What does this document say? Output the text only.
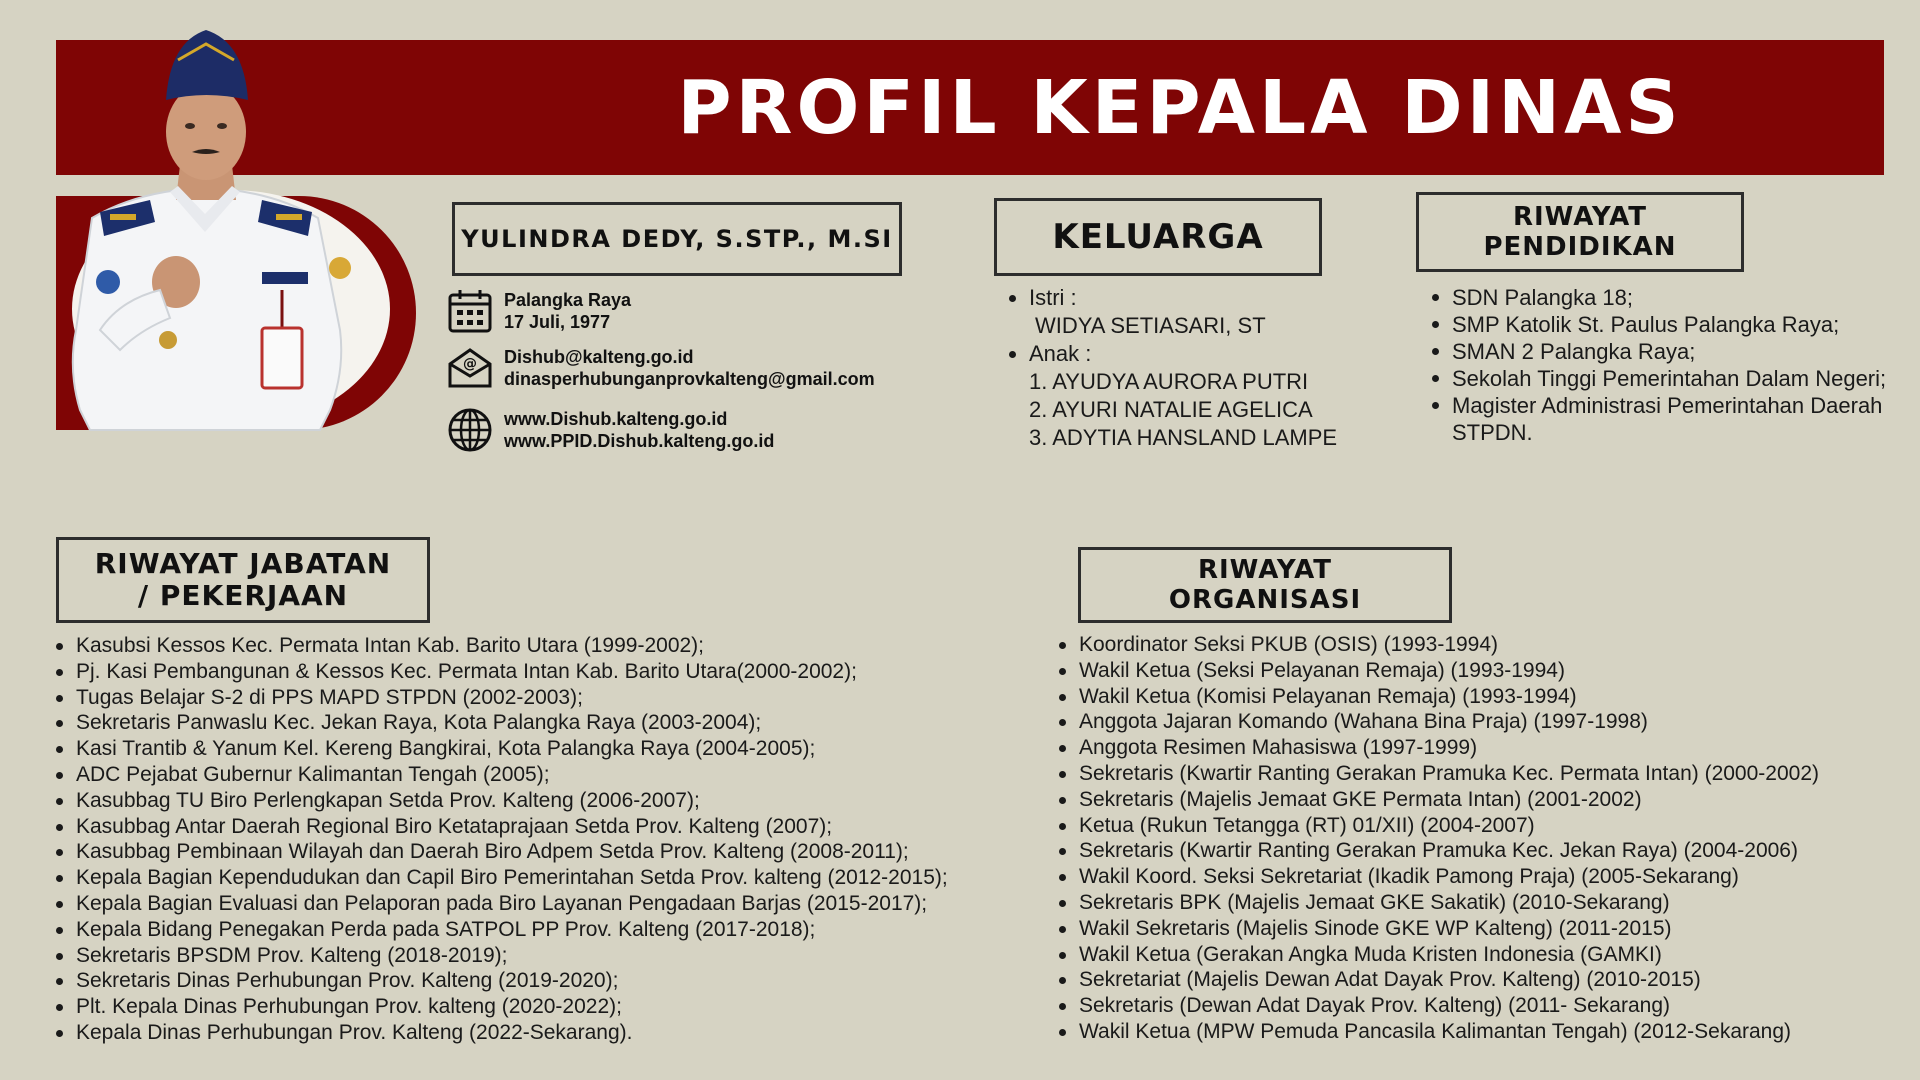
PROFIL KEPALA DINAS
YULINDRA DEDY, S.STP., M.SI
Palangka Raya
17 Juli, 1977
@ Dishub@kalteng.go.id
dinasperhubunganprovkalteng@gmail.com
www.Dishub.kalteng.go.id
www.PPID.Dishub.kalteng.go.id
KELUARGA
Istri :
WIDYA SETIASARI, ST
Anak :
1. AYUDYA AURORA PUTRI
2. AYURI NATALIE AGELICA
3. ADYTIA HANSLAND LAMPE
RIWAYAT
PENDIDIKAN
SDN Palangka 18;
SMP Katolik St. Paulus Palangka Raya;
SMAN 2 Palangka Raya;
Sekolah Tinggi Pemerintahan Dalam Negeri;
Magister Administrasi Pemerintahan Daerah STPDN.
RIWAYAT JABATAN
/ PEKERJAAN
Kasubsi Kessos Kec. Permata Intan Kab. Barito Utara (1999-2002);
Pj. Kasi Pembangunan & Kessos Kec. Permata Intan Kab. Barito Utara(2000-2002);
Tugas Belajar S-2 di PPS MAPD STPDN (2002-2003);
Sekretaris Panwaslu Kec. Jekan Raya, Kota Palangka Raya (2003-2004);
Kasi Trantib & Yanum Kel. Kereng Bangkirai, Kota Palangka Raya (2004-2005);
ADC Pejabat Gubernur Kalimantan Tengah (2005);
Kasubbag TU Biro Perlengkapan Setda Prov. Kalteng (2006-2007);
Kasubbag Antar Daerah Regional Biro Ketataprajaan Setda Prov. Kalteng (2007);
Kasubbag Pembinaan Wilayah dan Daerah Biro Adpem Setda Prov. Kalteng (2008-2011);
Kepala Bagian Kependudukan dan Capil Biro Pemerintahan Setda Prov. kalteng (2012-2015);
Kepala Bagian Evaluasi dan Pelaporan pada Biro Layanan Pengadaan Barjas (2015-2017);
Kepala Bidang Penegakan Perda pada SATPOL PP Prov. Kalteng (2017-2018);
Sekretaris BPSDM Prov. Kalteng (2018-2019);
Sekretaris Dinas Perhubungan Prov. Kalteng (2019-2020);
Plt. Kepala Dinas Perhubungan Prov. kalteng (2020-2022);
Kepala Dinas Perhubungan Prov. Kalteng (2022-Sekarang).
RIWAYAT
ORGANISASI
Koordinator Seksi PKUB (OSIS) (1993-1994)
Wakil Ketua (Seksi Pelayanan Remaja) (1993-1994)
Wakil Ketua (Komisi Pelayanan Remaja) (1993-1994)
Anggota Jajaran Komando (Wahana Bina Praja) (1997-1998)
Anggota Resimen Mahasiswa (1997-1999)
Sekretaris (Kwartir Ranting Gerakan Pramuka Kec. Permata Intan) (2000-2002)
Sekretaris (Majelis Jemaat GKE Permata Intan) (2001-2002)
Ketua (Rukun Tetangga (RT) 01/XII) (2004-2007)
Sekretaris (Kwartir Ranting Gerakan Pramuka Kec. Jekan Raya) (2004-2006)
Wakil Koord. Seksi Sekretariat (Ikadik Pamong Praja) (2005-Sekarang)
Sekretaris BPK (Majelis Jemaat GKE Sakatik) (2010-Sekarang)
Wakil Sekretaris (Majelis Sinode GKE WP Kalteng) (2011-2015)
Wakil Ketua (Gerakan Angka Muda Kristen Indonesia (GAMKI)
Sekretariat (Majelis Dewan Adat Dayak Prov. Kalteng) (2010-2015)
Sekretaris (Dewan Adat Dayak Prov. Kalteng) (2011- Sekarang)
Wakil Ketua (MPW Pemuda Pancasila Kalimantan Tengah) (2012-Sekarang)
